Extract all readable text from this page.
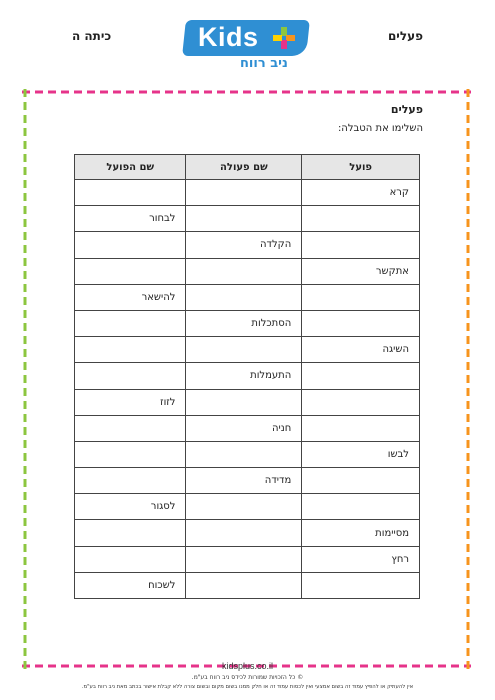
פעלים
כיתה ה	Kids
ניב רווח
פעלים
השלימו את הטבלה:
פועל	שם פעולה	שם הפועל
קרא		
		לבחור
	הקלדה	
אתקשר		
		להישאר
	הסתכלות	
השיגה		
	התעמלות	
		לזוז
	חניה	
לבשו		
	מדידה	
		לסגור
מסיימות		
רחץ		
		לשכוח
kidsplus.co.il
© כל הזכויות שמורות לכידס ניב רווח בע"מ.
אין להעתיק או להפיץ עמוד זה בשום אמצעי ואין לכסות עמוד זה או חלק ממנו בשום מקום ובשום צורה ללא קבלת אישור בכתב מאת ניב רווח בע"מ.
